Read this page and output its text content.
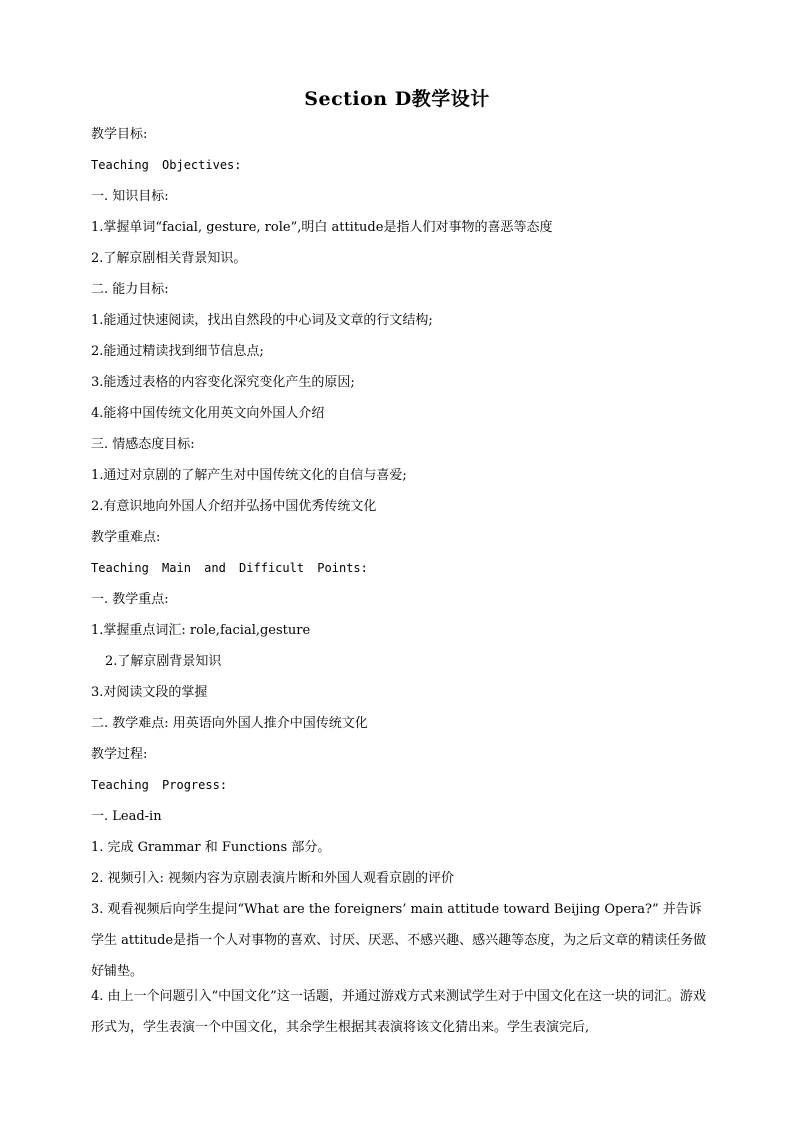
Section D教学设计
教学目标:
Teaching Objectives:
一. 知识目标:
1.掌握单词“facial, gesture, role”,明白 attitude是指人们对事物的喜恶等态度
2.了解京剧相关背景知识。
二. 能力目标:
1.能通过快速阅读，找出自然段的中心词及文章的行文结构;
2.能通过精读找到细节信息点;
3.能透过表格的内容变化深究变化产生的原因;
4.能将中国传统文化用英文向外国人介绍
三. 情感态度目标:
1.通过对京剧的了解产生对中国传统文化的自信与喜爱;
2.有意识地向外国人介绍并弘扬中国优秀传统文化
教学重难点:
Teaching Main and Difficult Points:
一. 教学重点:
1.掌握重点词汇: role,facial,gesture
2.了解京剧背景知识
3.对阅读文段的掌握
二. 教学难点: 用英语向外国人推介中国传统文化
教学过程:
Teaching Progress:
一. Lead-in
1. 完成 Grammar 和 Functions 部分。
2. 视频引入: 视频内容为京剧表演片断和外国人观看京剧的评价
3. 观看视频后向学生提问“What are the foreigners’ main attitude toward Beijing Opera?” 并告诉学生 attitude是指一个人对事物的喜欢、讨厌、厌恶、不感兴趣、感兴趣等态度，为之后文章的精读任务做好铺垫。
4. 由上一个问题引入“中国文化”这一话题，并通过游戏方式来测试学生对于中国文化在这一块的词汇。游戏形式为，学生表演一个中国文化，其余学生根据其表演将该文化猜出来。学生表演完后,
